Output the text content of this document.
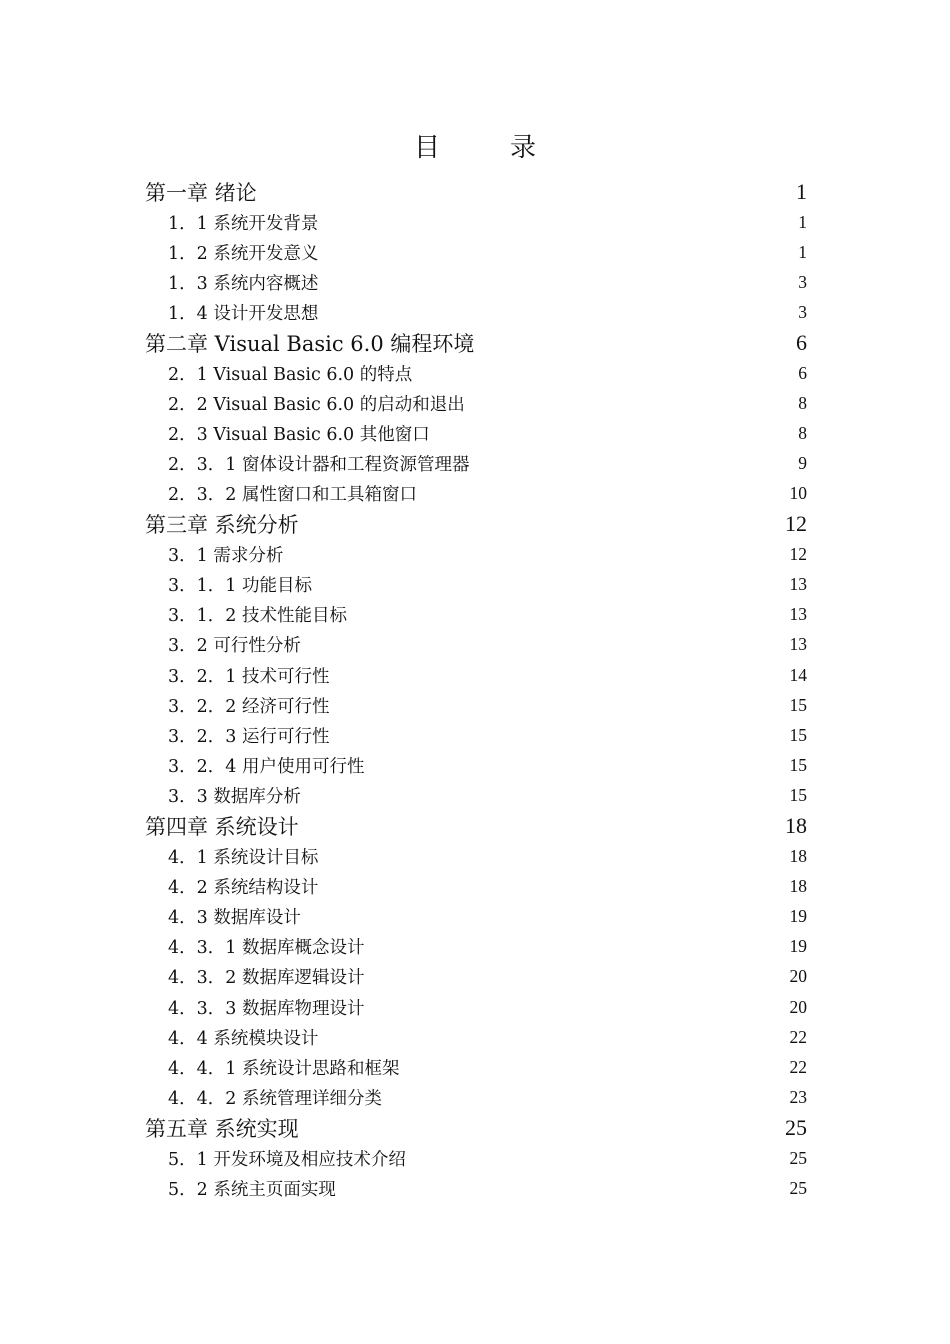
目　录
第一章 绪论	1
1．1 系统开发背景	1
1．2 系统开发意义	1
1．3 系统内容概述	3
1．4 设计开发思想	3
第二章 Visual Basic 6.0 编程环境	6
2．1 Visual Basic 6.0 的特点	6
2．2 Visual Basic 6.0 的启动和退出	8
2．3 Visual Basic 6.0 其他窗口	8
2．3．1 窗体设计器和工程资源管理器	9
2．3．2 属性窗口和工具箱窗口	10
第三章 系统分析	12
3．1 需求分析	12
3．1．1 功能目标	13
3．1．2 技术性能目标	13
3．2 可行性分析	13
3．2．1 技术可行性	14
3．2．2 经济可行性	15
3．2．3 运行可行性	15
3．2．4 用户使用可行性	15
3．3 数据库分析	15
第四章 系统设计	18
4．1 系统设计目标	18
4．2 系统结构设计	18
4．3 数据库设计	19
4．3．1 数据库概念设计	19
4．3．2 数据库逻辑设计	20
4．3．3 数据库物理设计	20
4．4 系统模块设计	22
4．4．1 系统设计思路和框架	22
4．4．2 系统管理详细分类	23
第五章 系统实现	25
5．1 开发环境及相应技术介绍	25
5．2 系统主页面实现	25
